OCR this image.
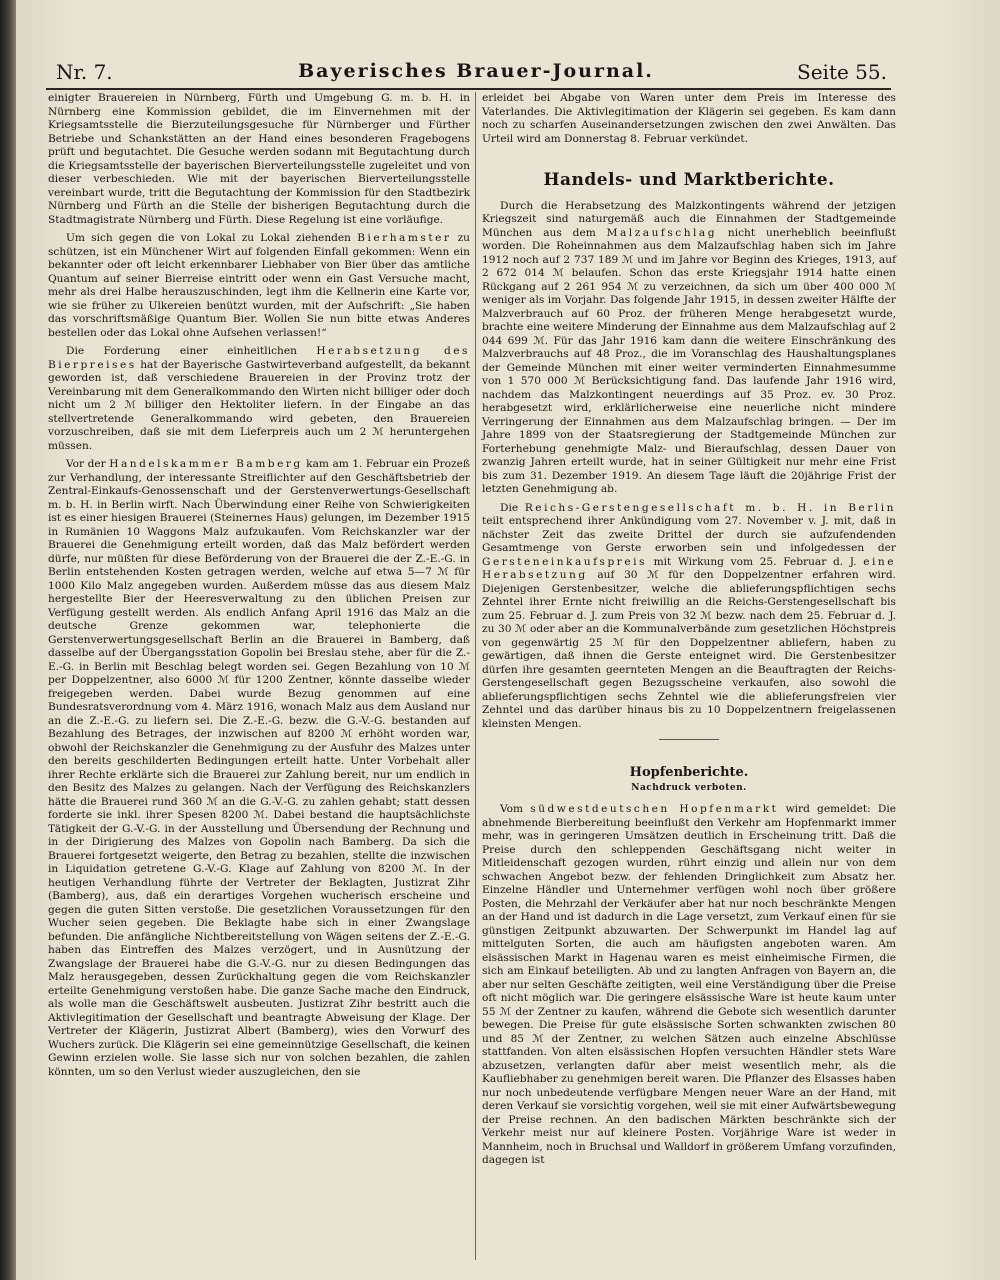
Nr. 7.	Bayerisches Brauer-Journal.	Seite 55.

einigter Brauereien in Nürnberg, Fürth und Umgebung G. m. b. H. in Nürnberg eine Kommission gebildet, die im Einvernehmen mit der Kriegsamtsstelle die Bierzuteilungsgesuche für Nürnberger und Fürther Betriebe und Schankstätten an der Hand eines besonderen Fragebogens prüft und begutachtet. Die Gesuche werden sodann mit Begutachtung durch die Kriegsamtsstelle der bayerischen Bierverteilungsstelle zugeleitet und von dieser verbeschieden. Wie mit der bayerischen Bierverteilungsstelle vereinbart wurde, tritt die Begutachtung der Kommission für den Stadtbezirk Nürnberg und Fürth an die Stelle der bisherigen Begutachtung durch die Stadtmagistrate Nürnberg und Fürth. Diese Regelung ist eine vorläufige.

Um sich gegen die von Lokal zu Lokal ziehenden Bierhamster zu schützen, ist ein Münchener Wirt auf folgenden Einfall gekommen: Wenn ein bekannter oder oft leicht erkennbarer Liebhaber von Bier über das amtliche Quantum auf seiner Bierreise eintritt oder wenn ein Gast Versuche macht, mehr als drei Halbe herauszuschinden, legt ihm die Kellnerin eine Karte vor, wie sie früher zu Ulkereien benützt wurden, mit der Aufschrift: „Sie haben das vorschriftsmäßige Quantum Bier. Wollen Sie nun bitte etwas Anderes bestellen oder das Lokal ohne Aufsehen verlassen!“

Die Forderung einer einheitlichen Herabsetzung des Bierpreises hat der Bayerische Gastwirteverband aufgestellt, da bekannt geworden ist, daß verschiedene Brauereien in der Provinz trotz der Vereinbarung mit dem Generalkommando den Wirten nicht billiger oder doch nicht um 2 ℳ billiger den Hektoliter liefern. In der Eingabe an das stellvertretende Generalkommando wird gebeten, den Brauereien vorzuschreiben, daß sie mit dem Lieferpreis auch um 2 ℳ heruntergehen müssen.

Vor der Handelskammer Bamberg kam am 1. Februar ein Prozeß zur Verhandlung, der interessante Streiflichter auf den Geschäftsbetrieb der Zentral-Einkaufs-Genossenschaft und der Gerstenverwertungs-Gesellschaft m. b. H. in Berlin wirft. Nach Überwindung einer Reihe von Schwierigkeiten ist es einer hiesigen Brauerei (Steinernes Haus) gelungen, im Dezember 1915 in Rumänien 10 Waggons Malz aufzukaufen. Vom Reichskanzler war der Brauerei die Genehmigung erteilt worden, daß das Malz befördert werden dürfe, nur müßten für diese Beförderung von der Brauerei die der Z.-E.-G. in Berlin entstehenden Kosten getragen werden, welche auf etwa 5—7 ℳ für 1000 Kilo Malz angegeben wurden. Außerdem müsse das aus diesem Malz hergestellte Bier der Heeresverwaltung zu den üblichen Preisen zur Verfügung gestellt werden. Als endlich Anfang April 1916 das Malz an die deutsche Grenze gekommen war, telephonierte die Gerstenverwertungsgesellschaft Berlin an die Brauerei in Bamberg, daß dasselbe auf der Übergangsstation Gopolin bei Breslau stehe, aber für die Z.-E.-G. in Berlin mit Beschlag belegt worden sei. Gegen Bezahlung von 10 ℳ per Doppelzentner, also 6000 ℳ für 1200 Zentner, könnte dasselbe wieder freigegeben werden. Dabei wurde Bezug genommen auf eine Bundesratsverordnung vom 4. März 1916, wonach Malz aus dem Ausland nur an die Z.-E.-G. zu liefern sei. Die Z.-E.-G. bezw. die G.-V.-G. bestanden auf Bezahlung des Betrages, der inzwischen auf 8200 ℳ erhöht worden war, obwohl der Reichskanzler die Genehmigung zu der Ausfuhr des Malzes unter den bereits geschilderten Bedingungen erteilt hatte. Unter Vorbehalt aller ihrer Rechte erklärte sich die Brauerei zur Zahlung bereit, nur um endlich in den Besitz des Malzes zu gelangen. Nach der Verfügung des Reichskanzlers hätte die Brauerei rund 360 ℳ an die G.-V.-G. zu zahlen gehabt; statt dessen forderte sie inkl. ihrer Spesen 8200 ℳ. Dabei bestand die hauptsächlichste Tätigkeit der G.-V.-G. in der Ausstellung und Übersendung der Rechnung und in der Dirigierung des Malzes von Gopolin nach Bamberg. Da sich die Brauerei fortgesetzt weigerte, den Betrag zu bezahlen, stellte die inzwischen in Liquidation getretene G.-V.-G. Klage auf Zahlung von 8200 ℳ. In der heutigen Verhandlung führte der Vertreter der Beklagten, Justizrat Zihr (Bamberg), aus, daß ein derartiges Vorgehen wucherisch erscheine und gegen die guten Sitten verstoße. Die gesetzlichen Voraussetzungen für den Wucher seien gegeben. Die Beklagte habe sich in einer Zwangslage befunden. Die anfängliche Nichtbereitstellung von Wägen seitens der Z.-E.-G. haben das Eintreffen des Malzes verzögert, und in Ausnützung der Zwangslage der Brauerei habe die G.-V.-G. nur zu diesen Bedingungen das Malz herausgegeben, dessen Zurückhaltung gegen die vom Reichskanzler erteilte Genehmigung verstoßen habe. Die ganze Sache mache den Eindruck, als wolle man die Geschäftswelt ausbeuten. Justizrat Zihr bestritt auch die Aktivlegitimation der Gesellschaft und beantragte Abweisung der Klage. Der Vertreter der Klägerin, Justizrat Albert (Bamberg), wies den Vorwurf des Wuchers zurück. Die Klägerin sei eine gemeinnützige Gesellschaft, die keinen Gewinn erzielen wolle. Sie lasse sich nur von solchen bezahlen, die zahlen könnten, um so den Verlust wieder auszugleichen, den sie

erleidet bei Abgabe von Waren unter dem Preis im Interesse des Vaterlandes. Die Aktivlegitimation der Klägerin sei gegeben. Es kam dann noch zu scharfen Auseinandersetzungen zwischen den zwei Anwälten. Das Urteil wird am Donnerstag 8. Februar verkündet.

Handels- und Marktberichte.

Durch die Herabsetzung des Malzkontingents während der jetzigen Kriegszeit sind naturgemäß auch die Einnahmen der Stadtgemeinde München aus dem Malzaufschlag nicht unerheblich beeinflußt worden. Die Roheinnahmen aus dem Malzaufschlag haben sich im Jahre 1912 noch auf 2 737 189 ℳ und im Jahre vor Beginn des Krieges, 1913, auf 2 672 014 ℳ belaufen. Schon das erste Kriegsjahr 1914 hatte einen Rückgang auf 2 261 954 ℳ zu verzeichnen, da sich um über 400 000 ℳ weniger als im Vorjahr. Das folgende Jahr 1915, in dessen zweiter Hälfte der Malzverbrauch auf 60 Proz. der früheren Menge herabgesetzt wurde, brachte eine weitere Minderung der Einnahme aus dem Malzaufschlag auf 2 044 699 ℳ. Für das Jahr 1916 kam dann die weitere Einschränkung des Malzverbrauchs auf 48 Proz., die im Voranschlag des Haushaltungsplanes der Gemeinde München mit einer weiter verminderten Einnahmesumme von 1 570 000 ℳ Berücksichtigung fand. Das laufende Jahr 1916 wird, nachdem das Malzkontingent neuerdings auf 35 Proz. ev. 30 Proz. herabgesetzt wird, erklärlicherweise eine neuerliche nicht mindere Verringerung der Einnahmen aus dem Malzaufschlag bringen. — Der im Jahre 1899 von der Staatsregierung der Stadtgemeinde München zur Forterhebung genehmigte Malz- und Bieraufschlag, dessen Dauer von zwanzig Jahren erteilt wurde, hat in seiner Gültigkeit nur mehr eine Frist bis zum 31. Dezember 1919. An diesem Tage läuft die 20jährige Frist der letzten Genehmigung ab.

Die Reichs-Gerstengesellschaft m. b. H. in Berlin teilt entsprechend ihrer Ankündigung vom 27. November v. J. mit, daß in nächster Zeit das zweite Drittel der durch sie aufzufendenden Gesamtmenge von Gerste erworben sein und infolgedessen der Gersteneinkaufspreis mit Wirkung vom 25. Februar d. J. eine Herabsetzung auf 30 ℳ für den Doppelzentner erfahren wird. Diejenigen Gerstenbesitzer, welche die ablieferungspflichtigen sechs Zehntel ihrer Ernte nicht freiwillig an die Reichs-Gerstengesellschaft bis zum 25. Februar d. J. zum Preis von 32 ℳ bezw. nach dem 25. Februar d. J. zu 30 ℳ oder aber an die Kommunalverbände zum gesetzlichen Höchstpreis von gegenwärtig 25 ℳ für den Doppelzentner abliefern, haben zu gewärtigen, daß ihnen die Gerste enteignet wird. Die Gerstenbesitzer dürfen ihre gesamten geernteten Mengen an die Beauftragten der Reichs-Gerstengesellschaft gegen Bezugsscheine verkaufen, also sowohl die ablieferungspflichtigen sechs Zehntel wie die ablieferungsfreien vier Zehntel und das darüber hinaus bis zu 10 Doppelzentnern freigelassenen kleinsten Mengen.

Hopfenberichte.
Nachdruck verboten.

Vom südwestdeutschen Hopfenmarkt wird gemeldet: Die abnehmende Bierbereitung beeinflußt den Verkehr am Hopfenmarkt immer mehr, was in geringeren Umsätzen deutlich in Erscheinung tritt. Daß die Preise durch den schleppenden Geschäftsgang nicht weiter in Mitleidenschaft gezogen wurden, rührt einzig und allein nur von dem schwachen Angebot bezw. der fehlenden Dringlichkeit zum Absatz her. Einzelne Händler und Unternehmer verfügen wohl noch über größere Posten, die Mehrzahl der Verkäufer aber hat nur noch beschränkte Mengen an der Hand und ist dadurch in die Lage versetzt, zum Verkauf einen für sie günstigen Zeitpunkt abzuwarten. Der Schwerpunkt im Handel lag auf mittelguten Sorten, die auch am häufigsten angeboten waren. Am elsässischen Markt in Hagenau waren es meist einheimische Firmen, die sich am Einkauf beteiligten. Ab und zu langten Anfragen von Bayern an, die aber nur selten Geschäfte zeitigten, weil eine Verständigung über die Preise oft nicht möglich war. Die geringere elsässische Ware ist heute kaum unter 55 ℳ der Zentner zu kaufen, während die Gebote sich wesentlich darunter bewegen. Die Preise für gute elsässische Sorten schwankten zwischen 80 und 85 ℳ der Zentner, zu welchen Sätzen auch einzelne Abschlüsse stattfanden. Von alten elsässischen Hopfen versuchten Händler stets Ware abzusetzen, verlangten dafür aber meist wesentlich mehr, als die Kaufliebhaber zu genehmigen bereit waren. Die Pflanzer des Elsasses haben nur noch unbedeutende verfügbare Mengen neuer Ware an der Hand, mit deren Verkauf sie vorsichtig vorgehen, weil sie mit einer Aufwärtsbewegung der Preise rechnen. An den badischen Märkten beschränkte sich der Verkehr meist nur auf kleinere Posten. Vorjährige Ware ist weder in Mannheim, noch in Bruchsal und Walldorf in größerem Umfang vorzufinden, dagegen ist
